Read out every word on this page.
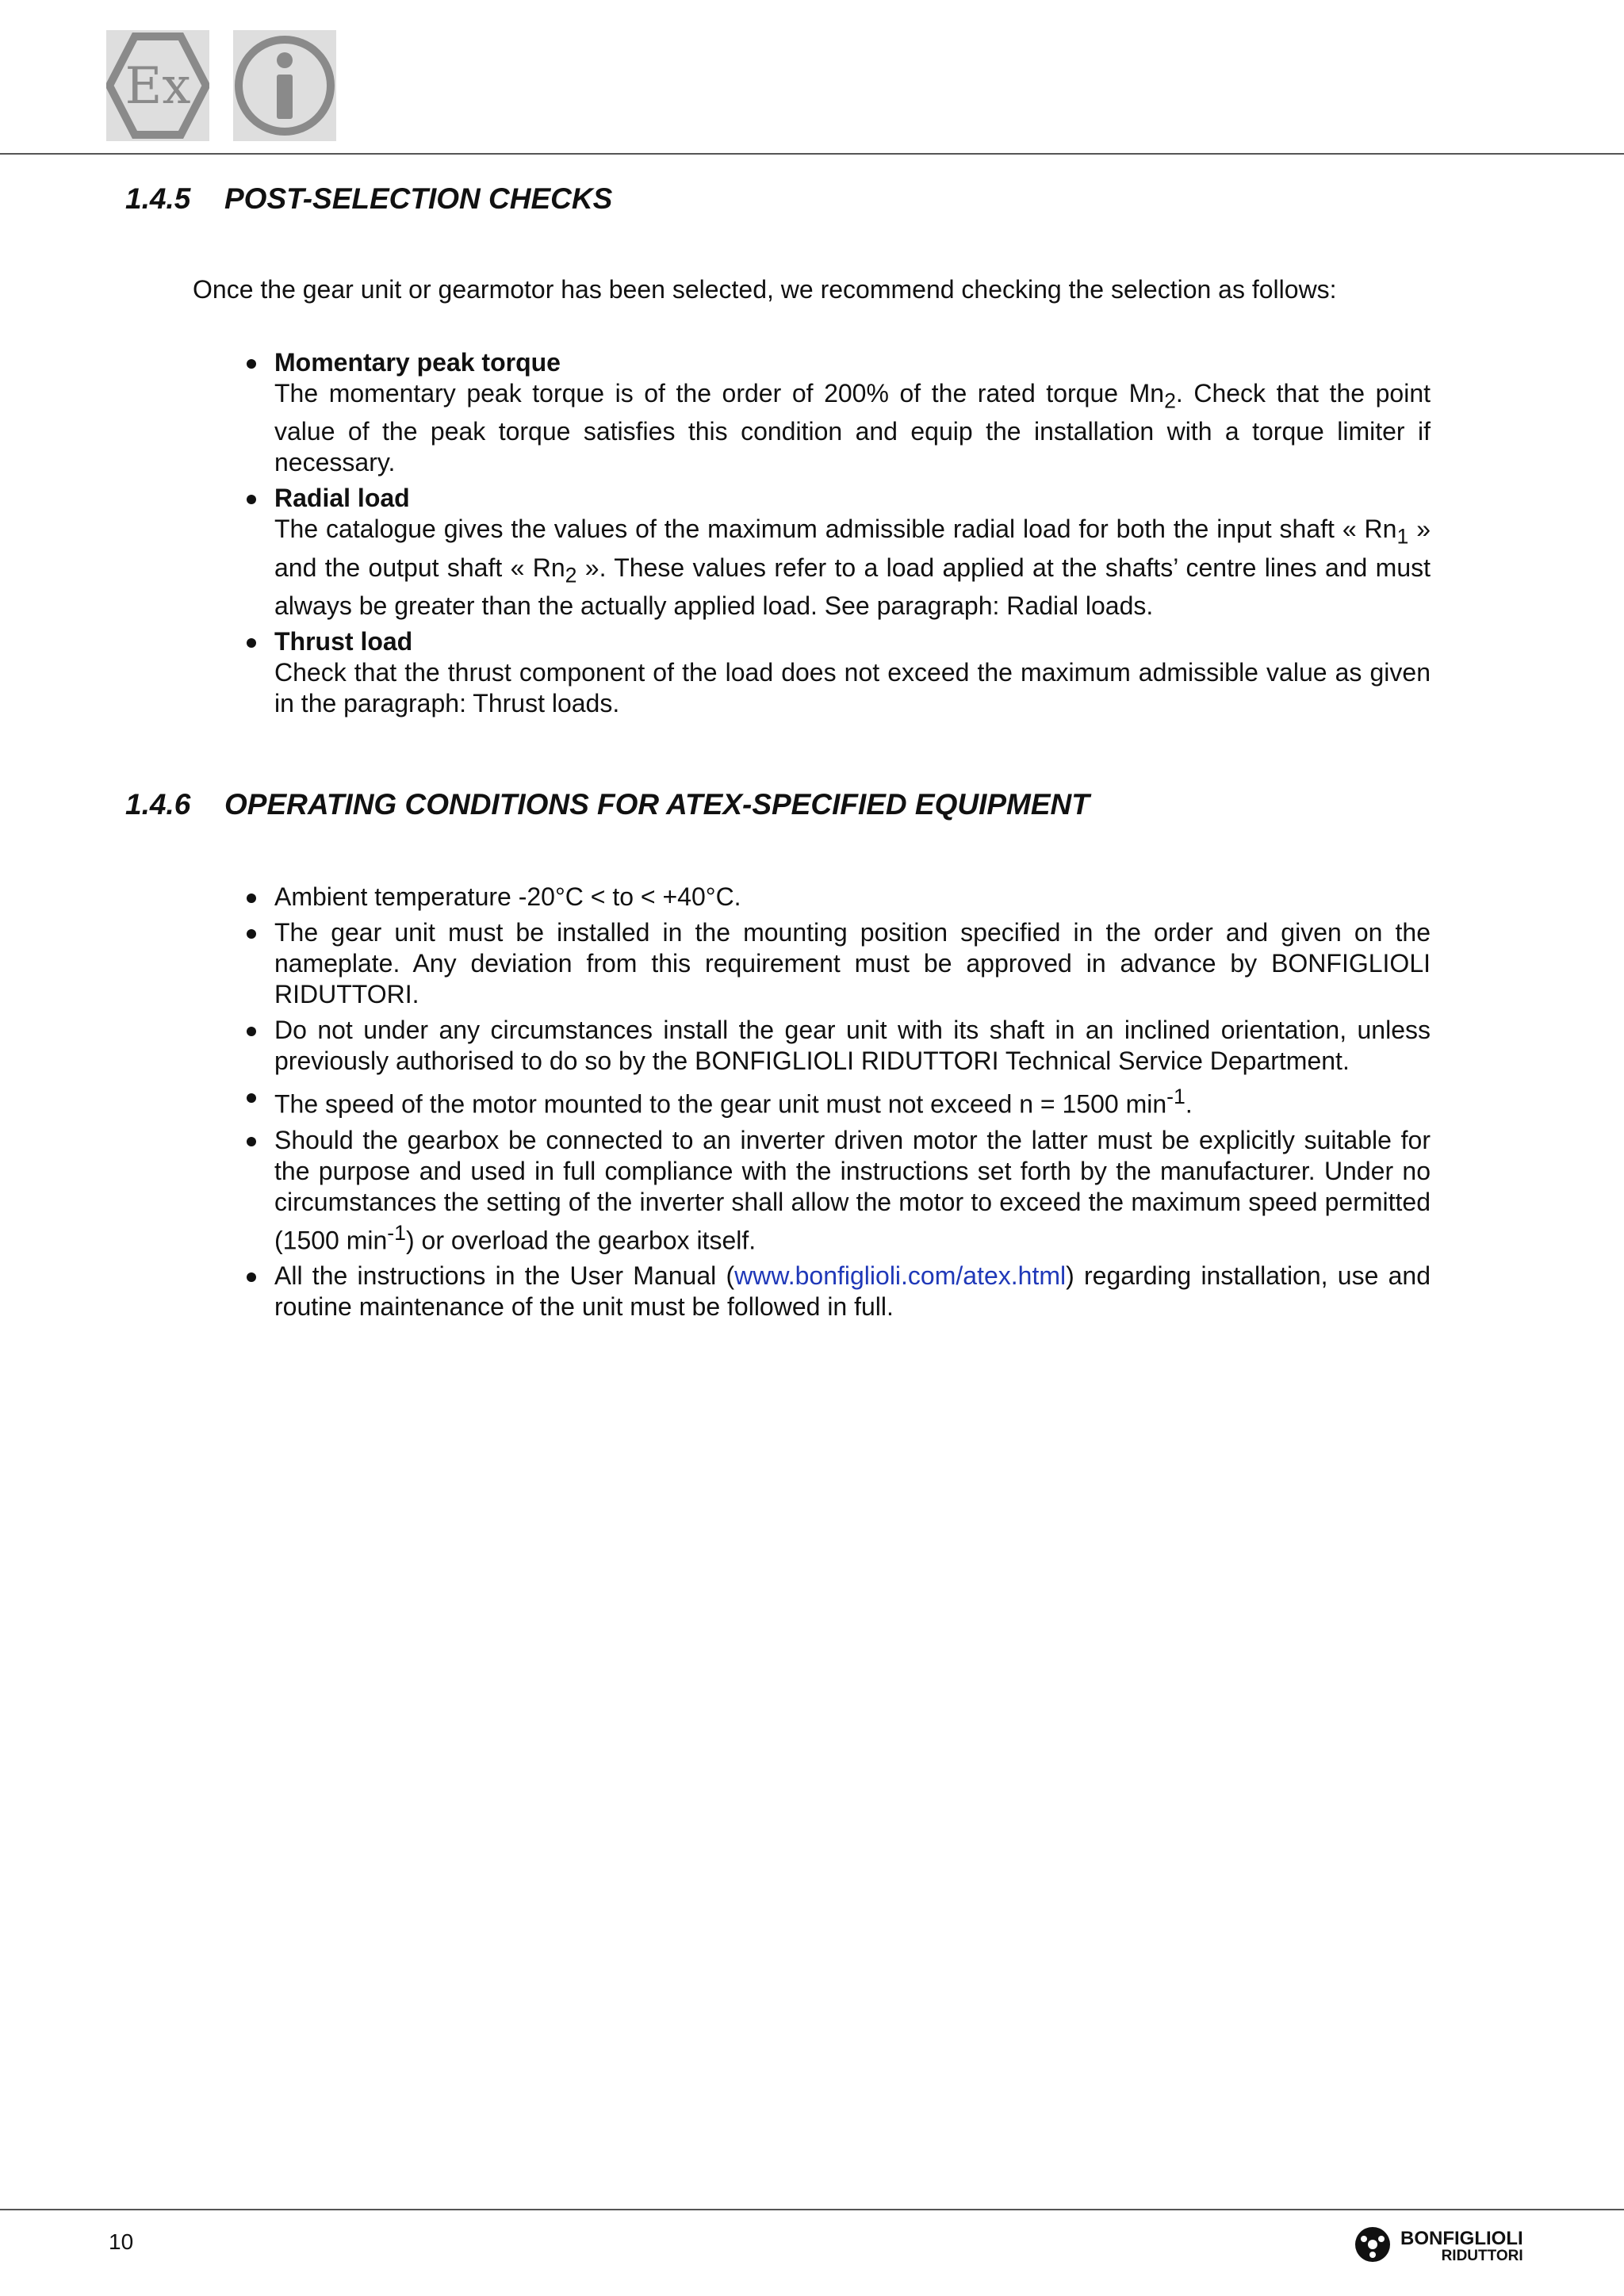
Ex
1.4.5 POST-SELECTION CHECKS
Once the gear unit or gearmotor has been selected, we recommend checking the selection as follows:
Momentary peak torque
The momentary peak torque is of the order of 200% of the rated torque $Mn_2$. Check that the point value of the peak torque satisfies this condition and equip the installation with a torque limiter if necessary.
Radial load
The catalogue gives the values of the maximum admissible radial load for both the input shaft « $Rn_1$ » and the output shaft « $Rn_2$ ». These values refer to a load applied at the shafts’ centre lines and must always be greater than the actually applied load. See paragraph: Radial loads.
Thrust load
Check that the thrust component of the load does not exceed the maximum admissible value as given in the paragraph: Thrust loads.
1.4.6 OPERATING CONDITIONS FOR ATEX-SPECIFIED EQUIPMENT
Ambient temperature -20°C < to < +40°C.
The gear unit must be installed in the mounting position specified in the order and given on the nameplate. Any deviation from this requirement must be approved in advance by BONFIGLIOLI RIDUTTORI.
Do not under any circumstances install the gear unit with its shaft in an inclined orientation, unless previously authorised to do so by the BONFIGLIOLI RIDUTTORI Technical Service Department.
The speed of the motor mounted to the gear unit must not exceed n = 1500 $\min^{-1}$.
Should the gearbox be connected to an inverter driven motor the latter must be explicitly suitable for the purpose and used in full compliance with the instructions set forth by the manufacturer. Under no circumstances the setting of the inverter shall allow the motor to exceed the maximum speed permitted (1500 $\min^{-1}$) or overload the gearbox itself.
All the instructions in the User Manual (www.bonfiglioli.com/atex.html) regarding installation, use and routine maintenance of the unit must be followed in full.
10	BONFIGLIOLI
RIDUTTORI
